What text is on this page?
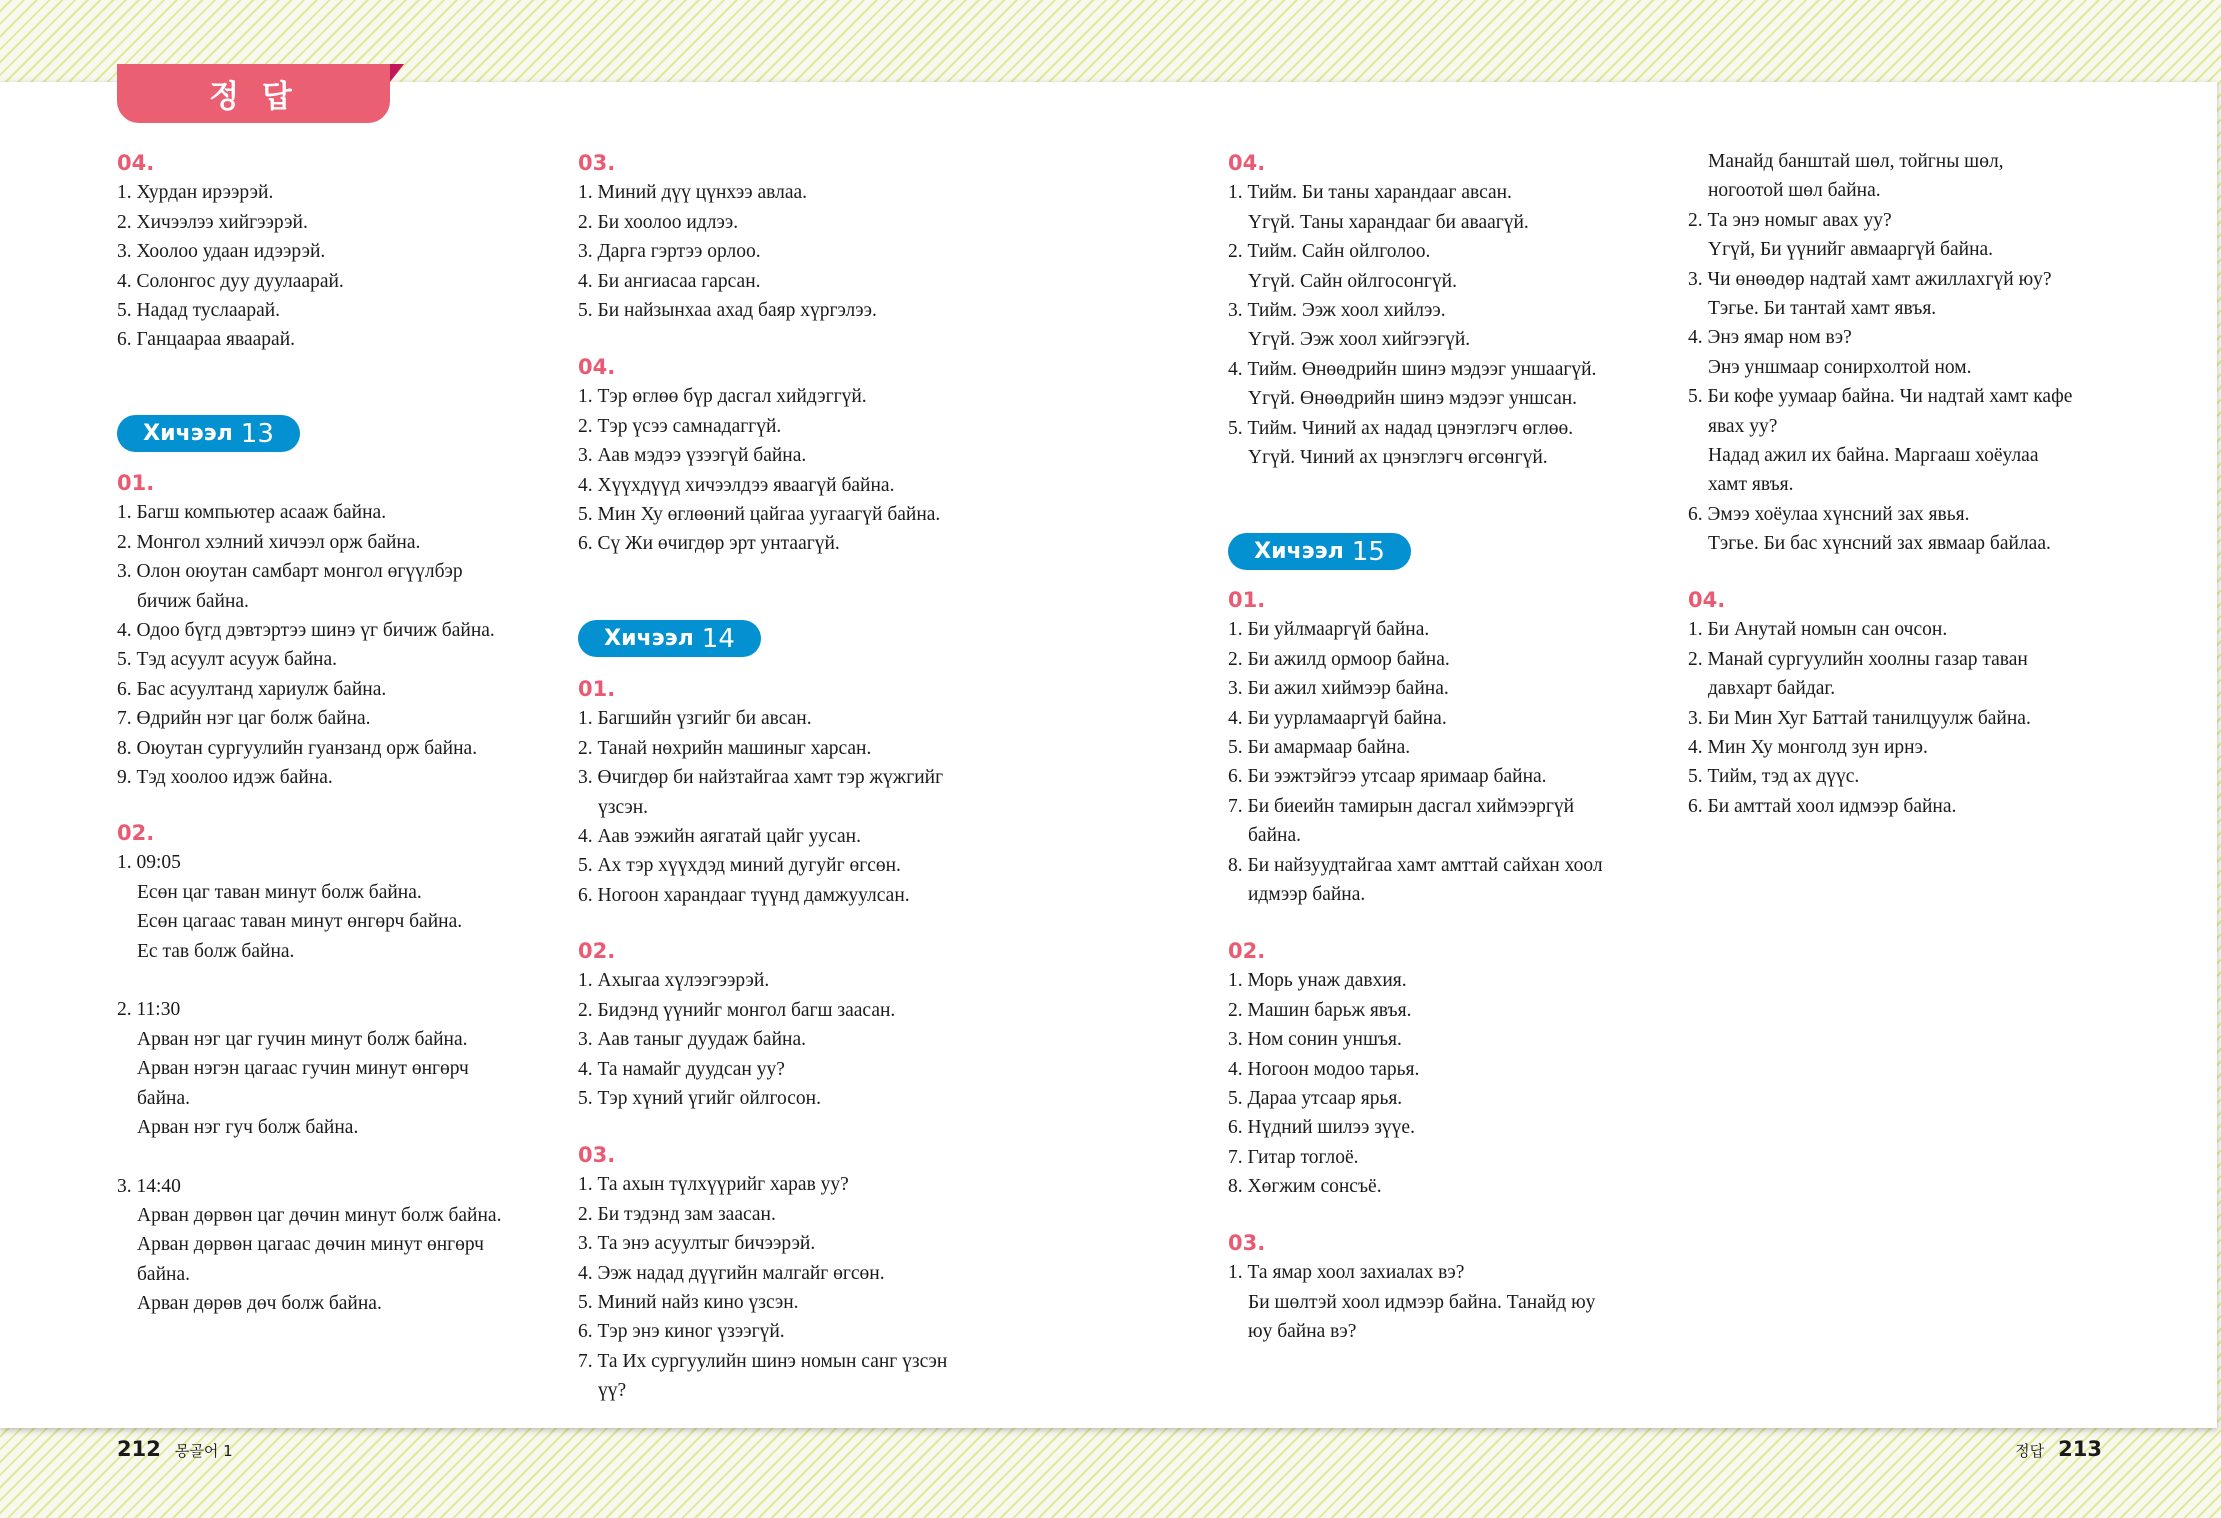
정 답
04.
1. Хурдан ирээрэй.
2. Хичээлээ хийгээрэй.
3. Хоолоо удаан идээрэй.
4. Солонгос дуу дуулаарай.
5. Надад туслаарай.
6. Ганцаараа яваарай.
Хичээл 13
01.
1. Багш компьютер асааж байна.
2. Монгол хэлний хичээл орж байна.
3. Олон оюутан самбарт монгол өгүүлбэр
бичиж байна.
4. Одоо бүгд дэвтэртээ шинэ үг бичиж байна.
5. Тэд асуулт асууж байна.
6. Бас асуултанд хариулж байна.
7. Өдрийн нэг цаг болж байна.
8. Оюутан сургуулийн гуанзанд орж байна.
9. Тэд хоолоо идэж байна.
02.
1. 09:05
Есөн цаг таван минут болж байна.
Есөн цагаас таван минут өнгөрч байна.
Ес тав болж байна.
2. 11:30
Арван нэг цаг гучин минут болж байна.
Арван нэгэн цагаас гучин минут өнгөрч
байна.
Арван нэг гуч болж байна.
3. 14:40
Арван дөрвөн цаг дөчин минут болж байна.
Арван дөрвөн цагаас дөчин минут өнгөрч
байна.
Арван дөрөв дөч болж байна.
03.
1. Миний дүү цүнхээ авлаа.
2. Би хоолоо идлээ.
3. Дарга гэртээ орлоо.
4. Би ангиасаа гарсан.
5. Би найзынхаа ахад баяр хүргэлээ.
04.
1. Тэр өглөө бүр дасгал хийдэггүй.
2. Тэр үсээ самнадаггүй.
3. Аав мэдээ үзээгүй байна.
4. Хүүхдүүд хичээлдээ яваагүй байна.
5. Мин Ху өглөөний цайгаа уугаагүй байна.
6. Сү Жи өчигдөр эрт унтаагүй.
Хичээл 14
01.
1. Багшийн үзгийг би авсан.
2. Танай нөхрийн машиныг харсан.
3. Өчигдөр би найзтайгаа хамт тэр жүжгийг
үзсэн.
4. Аав ээжийн аягатай цайг уусан.
5. Ах тэр хүүхдэд миний дугуйг өгсөн.
6. Ногоон харандааг түүнд дамжуулсан.
02.
1. Ахыгаа хүлээгээрэй.
2. Бидэнд үүнийг монгол багш заасан.
3. Аав таныг дуудаж байна.
4. Та намайг дуудсан уу?
5. Тэр хүний үгийг ойлгосон.
03.
1. Та ахын түлхүүрийг харав уу?
2. Би тэдэнд зам заасан.
3. Та энэ асуултыг бичээрэй.
4. Ээж надад дүүгийн малгайг өгсөн.
5. Миний найз кино үзсэн.
6. Тэр энэ киног үзээгүй.
7. Та Их сургуулийн шинэ номын санг үзсэн
үү?
04.
1. Тийм. Би таны харандааг авсан.
Үгүй. Таны харандааг би аваагүй.
2. Тийм. Сайн ойлголоо.
Үгүй. Сайн ойлгосонгүй.
3. Тийм. Ээж хоол хийлээ.
Үгүй. Ээж хоол хийгээгүй.
4. Тийм. Өнөөдрийн шинэ мэдээг уншаагүй.
Үгүй. Өнөөдрийн шинэ мэдээг уншсан.
5. Тийм. Чиний ах надад цэнэглэгч өглөө.
Үгүй. Чиний ах цэнэглэгч өгсөнгүй.
Хичээл 15
01.
1. Би уйлмааргүй байна.
2. Би ажилд ормоор байна.
3. Би ажил хиймээр байна.
4. Би уурламааргүй байна.
5. Би амармаар байна.
6. Би ээжтэйгээ утсаар яримаар байна.
7. Би биеийн тамирын дасгал хиймээргүй
байна.
8. Би найзуудтайгаа хамт амттай сайхан хоол
идмээр байна.
02.
1. Морь унаж давхия.
2. Машин барьж явъя.
3. Ном сонин уншъя.
4. Ногоон модоо тарья.
5. Дараа утсаар ярья.
6. Нүдний шилээ зүүе.
7. Гитар тоглоё.
8. Хөгжим сонсъё.
03.
1. Та ямар хоол захиалах вэ?
Би шөлтэй хоол идмээр байна. Танайд юу
юу байна вэ?
Манайд банштай шөл, тойгны шөл,
ногоотой шөл байна.
2. Та энэ номыг авах уу?
Үгүй, Би үүнийг авмааргүй байна.
3. Чи өнөөдөр надтай хамт ажиллахгүй юу?
Тэгье. Би тантай хамт явъя.
4. Энэ ямар ном вэ?
Энэ уншмаар сонирхолтой ном.
5. Би кофе уумаар байна. Чи надтай хамт кафе
явах уу?
Надад ажил их байна. Маргааш хоёулаа
хамт явъя.
6. Эмээ хоёулаа хүнсний зах явья.
Тэгье. Би бас хүнсний зах явмаар байлаа.
04.
1. Би Анутай номын сан очсон.
2. Манай сургуулийн хоолны газар таван
давхарт байдаг.
3. Би Мин Хуг Баттай танилцуулж байна.
4. Мин Ху монголд зун ирнэ.
5. Тийм, тэд ах дүүс.
6. Би амттай хоол идмээр байна.
212 몽골어 1	정답 213
